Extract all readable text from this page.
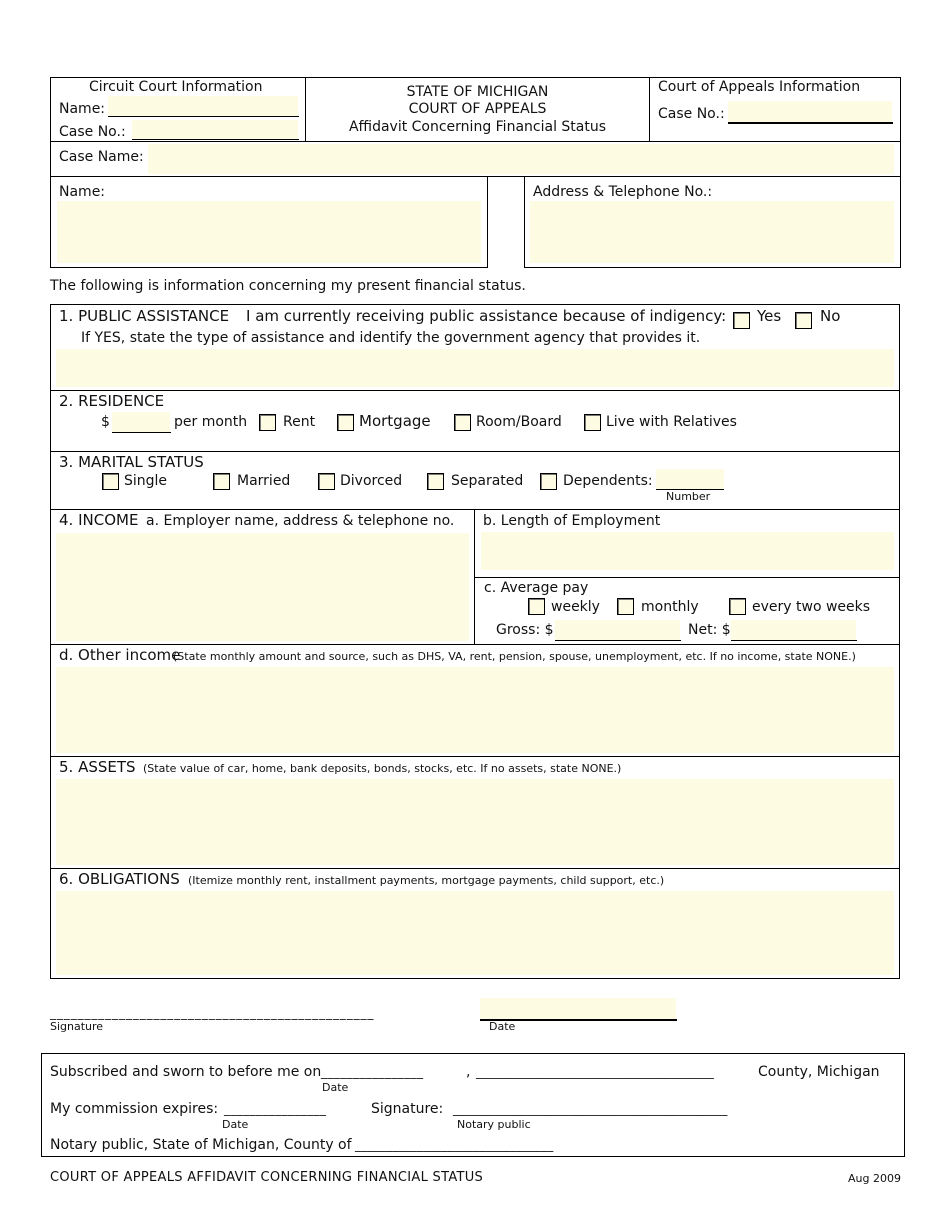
Circuit Court Information
Name:
Case No.:
STATE OF MICHIGAN
COURT OF APPEALS
Affidavit Concerning Financial Status
Court of Appeals Information
Case No.:
Case Name:
Name:	Address & Telephone No.:
The following is information concerning my present financial status.
1. PUBLIC ASSISTANCE I am currently receiving public assistance because of indigency: Yes	No
If YES, state the type of assistance and identify the government agency that provides it.
2. RESIDENCE
$	per month	Rent	Mortgage	Room/Board	Live with Relatives
3. MARITAL STATUS
Single	Married	Divorced	Separated	Dependents:
Number
4. INCOME a. Employer name, address & telephone no. b. Length of Employment
c. Average pay
weekly	monthly	every two weeks
Gross: $	Net: $
d. Other income
(State monthly amount and source, such as DHS, VA, rent, pension, spouse, unemployment, etc. If no income, state NONE.)
5. ASSETS (State value of car, home, bank deposits, bonds, stocks, etc. If no assets, state NONE.)
6. OBLIGATIONS (Itemize monthly rent, installment payments, mortgage payments, child support, etc.)
_______________________________________________
Signature	Date
Subscribed and sworn to before me on ________________	, _______________________________________	County, Michigan
Date
My commission expires: ________________	Signature: _____________________________________________
Date	Notary public
Notary public, State of Michigan, County of ________________________________
COURT OF APPEALS AFFIDAVIT CONCERNING FINANCIAL STATUS	Aug 2009
